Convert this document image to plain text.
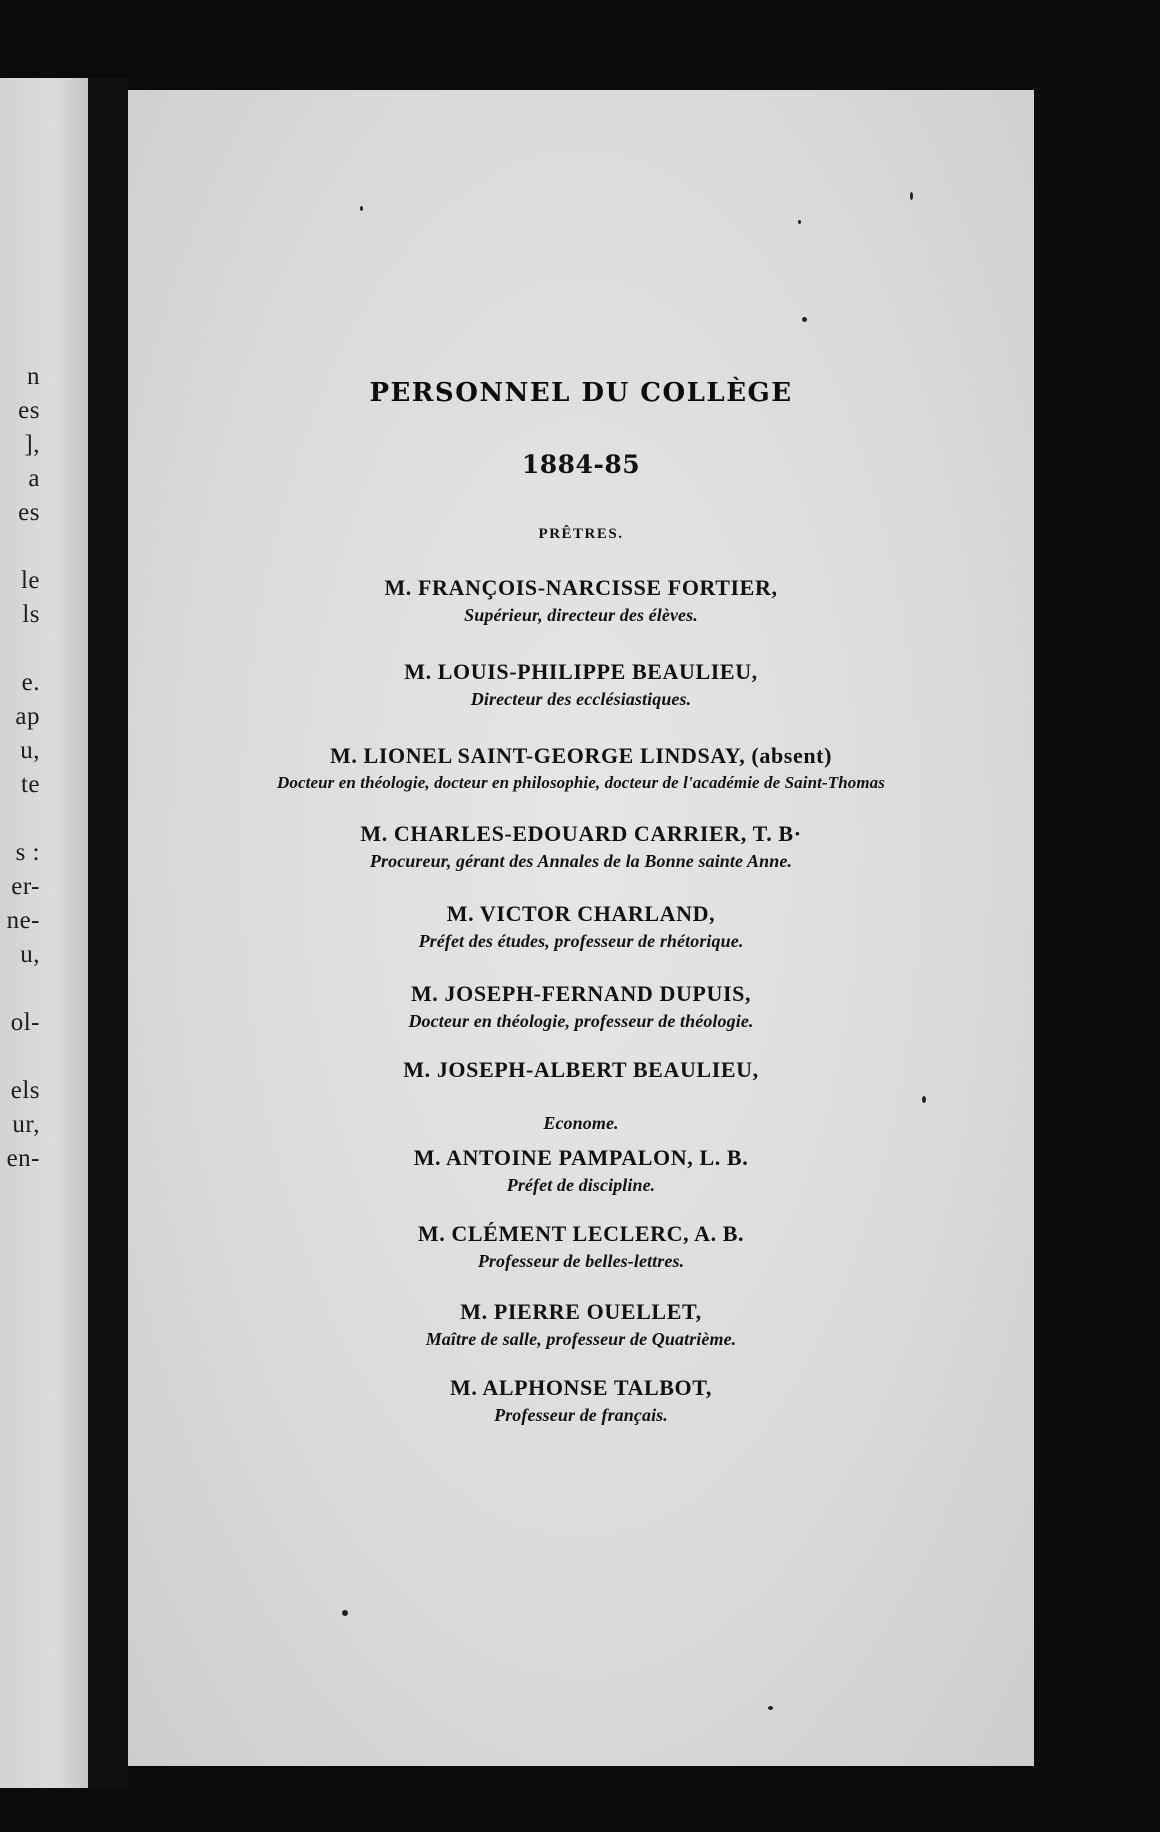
n
es
],
a
es
le
ls
e.
ap
u,
te
s :
er-
ne-
u,
ol-
els
ur,
en-
PERSONNEL DU COLLÈGE
1884-85
PRÊTRES.
M. FRANÇOIS-NARCISSE FORTIER,
Supérieur, directeur des élèves.
M. LOUIS-PHILIPPE BEAULIEU,
Directeur des ecclésiastiques.
M. LIONEL SAINT-GEORGE LINDSAY, (absent)
Docteur en théologie, docteur en philosophie, docteur de l'académie de Saint-Thomas
M. CHARLES-EDOUARD CARRIER, T. B·
Procureur, gérant des Annales de la Bonne sainte Anne.
M. VICTOR CHARLAND,
Préfet des études, professeur de rhétorique.
M. JOSEPH-FERNAND DUPUIS,
Docteur en théologie, professeur de théologie.
M. JOSEPH-ALBERT BEAULIEU,
Econome.
M. ANTOINE PAMPALON, L. B.
Préfet de discipline.
M. CLÉMENT LECLERC, A. B.
Professeur de belles-lettres.
M. PIERRE OUELLET,
Maître de salle, professeur de Quatrième.
M. ALPHONSE TALBOT,
Professeur de français.
